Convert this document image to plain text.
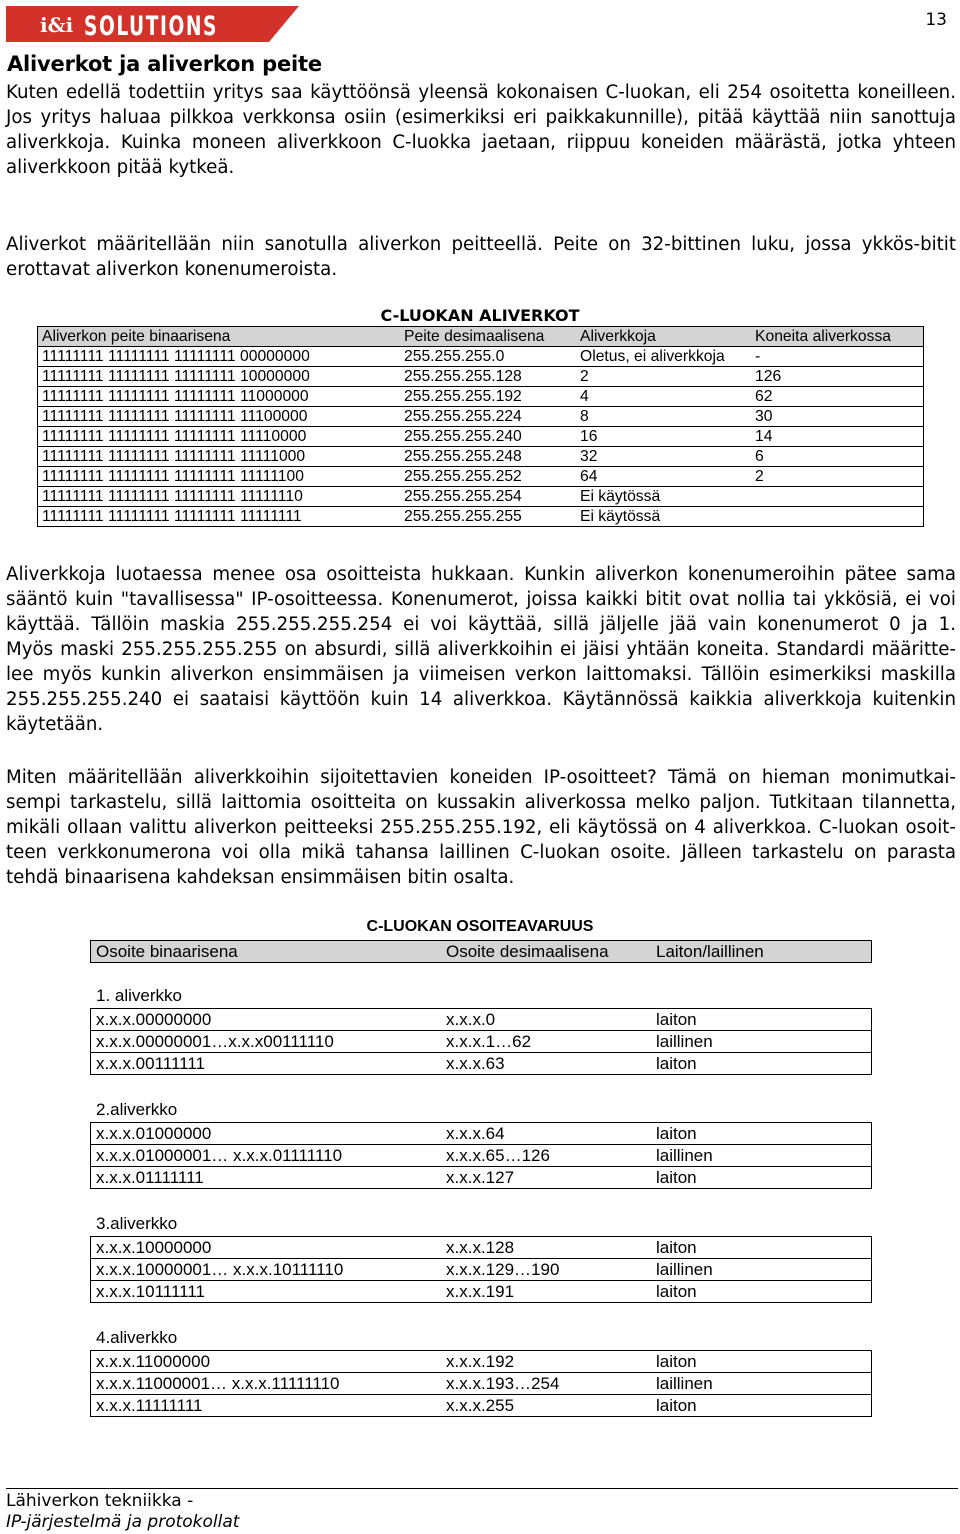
i&i SOLUTIONS	13
Aliverkot ja aliverkon peite
Kuten edellä todettiin yritys saa käyttöönsä yleensä kokonaisen C-luokan, eli 254 osoitetta koneilleen.
Jos yritys haluaa pilkkoa verkkonsa osiin (esimerkiksi eri paikkakunnille), pitää käyttää niin sanottuja
aliverkkoja. Kuinka moneen aliverkkoon C-luokka jaetaan, riippuu koneiden määrästä, jotka yhteen
aliverkkoon pitää kytkeä.
Aliverkot määritellään niin sanotulla aliverkon peitteellä. Peite on 32-bittinen luku, jossa ykkös-bitit
erottavat aliverkon konenumeroista.
C-LUOKAN ALIVERKOT
Aliverkon peite binaarisena	Peite desimaalisena	Aliverkkoja	Koneita aliverkossa
11111111 11111111 11111111 00000000	255.255.255.0	Oletus, ei aliverkkoja	-
11111111 11111111 11111111 10000000	255.255.255.128	2	126
11111111 11111111 11111111 11000000	255.255.255.192	4	62
11111111 11111111 11111111 11100000	255.255.255.224	8	30
11111111 11111111 11111111 11110000	255.255.255.240	16	14
11111111 11111111 11111111 11111000	255.255.255.248	32	6
11111111 11111111 11111111 11111100	255.255.255.252	64	2
11111111 11111111 11111111 11111110	255.255.255.254	Ei käytössä	
11111111 11111111 11111111 11111111	255.255.255.255	Ei käytössä	
Aliverkkoja luotaessa menee osa osoitteista hukkaan. Kunkin aliverkon konenumeroihin pätee sama
sääntö kuin "tavallisessa" IP-osoitteessa. Konenumerot, joissa kaikki bitit ovat nollia tai ykkösiä, ei voi
käyttää. Tällöin maskia 255.255.255.254 ei voi käyttää, sillä jäljelle jää vain konenumerot 0 ja 1.
Myös maski 255.255.255.255 on absurdi, sillä aliverkkoihin ei jäisi yhtään koneita. Standardi määritte-
lee myös kunkin aliverkon ensimmäisen ja viimeisen verkon laittomaksi. Tällöin esimerkiksi maskilla
255.255.255.240 ei saataisi käyttöön kuin 14 aliverkkoa. Käytännössä kaikkia aliverkkoja kuitenkin
käytetään.
Miten määritellään aliverkkoihin sijoitettavien koneiden IP-osoitteet? Tämä on hieman monimutkai-
sempi tarkastelu, sillä laittomia osoitteita on kussakin aliverkossa melko paljon. Tutkitaan tilannetta,
mikäli ollaan valittu aliverkon peitteeksi 255.255.255.192, eli käytössä on 4 aliverkkoa. C-luokan osoit-
teen verkkonumerona voi olla mikä tahansa laillinen C-luokan osoite. Jälleen tarkastelu on parasta
tehdä binaarisena kahdeksan ensimmäisen bitin osalta.
C-LUOKAN OSOITEAVARUUS
Osoite binaarisena	Osoite desimaalisena	Laiton/laillinen
1. aliverkko
x.x.x.00000000	x.x.x.0	laiton
x.x.x.00000001…x.x.x00111110	x.x.x.1…62	laillinen
x.x.x.00111111	x.x.x.63	laiton
2.aliverkko
x.x.x.01000000	x.x.x.64	laiton
x.x.x.01000001… x.x.x.01111110	x.x.x.65…126	laillinen
x.x.x.01111111	x.x.x.127	laiton
3.aliverkko
x.x.x.10000000	x.x.x.128	laiton
x.x.x.10000001… x.x.x.10111110	x.x.x.129…190	laillinen
x.x.x.10111111	x.x.x.191	laiton
4.aliverkko
x.x.x.11000000	x.x.x.192	laiton
x.x.x.11000001… x.x.x.11111110	x.x.x.193…254	laillinen
x.x.x.11111111	x.x.x.255	laiton
Lähiverkon tekniikka -
IP-järjestelmä ja protokollat
